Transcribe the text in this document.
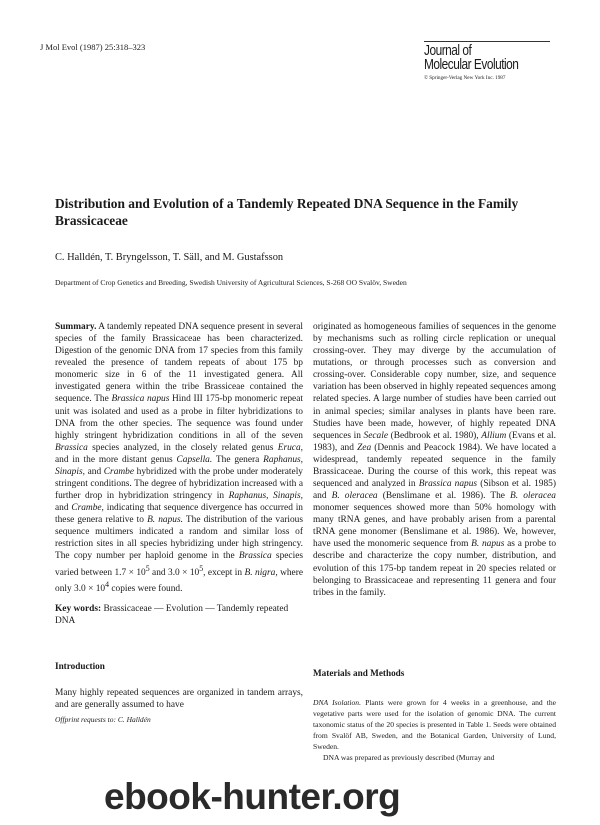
J Mol Evol (1987) 25:318–323	Journal of
Molecular Evolution
© Springer-Verlag New York Inc. 1987
Distribution and Evolution of a Tandemly Repeated DNA Sequence in the Family Brassicaceae
C. Halldén, T. Bryngelsson, T. Säll, and M. Gustafsson
Department of Crop Genetics and Breeding, Swedish University of Agricultural Sciences, S-268 OO Svalöv, Sweden
Summary. A tandemly repeated DNA sequence present in several species of the family Brassicaceae has been characterized. Digestion of the genomic DNA from 17 species from this family revealed the presence of tandem repeats of about 175 bp monomeric size in 6 of the 11 investigated genera. All investigated genera within the tribe Brassiceae contained the sequence. The Brassica napus Hind III 175-bp monomeric repeat unit was isolated and used as a probe in filter hybridizations to DNA from the other species. The sequence was found under highly stringent hybridization conditions in all of the seven Brassica species analyzed, in the closely related genus Eruca, and in the more distant genus Capsella. The genera Raphanus, Sinapis, and Crambe hybridized with the probe under moderately stringent conditions. The degree of hybridization increased with a further drop in hybridization stringency in Raphanus, Sinapis, and Crambe, indicating that sequence divergence has occurred in these genera relative to B. napus. The distribution of the various sequence multimers indicated a random and similar loss of restriction sites in all species hybridizing under high stringency. The copy number per haploid genome in the Brassica species varied between $1.7 \times 10^5$ and $3.0 \times 10^5$, except in B. nigra, where only $3.0 \times 10^4$ copies were found.
Key words: Brassicaceae — Evolution — Tandemly repeated DNA
Introduction
Many highly repeated sequences are organized in tandem arrays, and are generally assumed to have
Offprint requests to: C. Halldén
originated as homogeneous families of sequences in the genome by mechanisms such as rolling circle replication or unequal crossing-over. They may diverge by the accumulation of mutations, or through processes such as conversion and crossing-over. Considerable copy number, size, and sequence variation has been observed in highly repeated sequences among related species. A large number of studies have been carried out in animal species; similar analyses in plants have been rare. Studies have been made, however, of highly repeated DNA sequences in Secale (Bedbrook et al. 1980), Allium (Evans et al. 1983), and Zea (Dennis and Peacock 1984). We have located a widespread, tandemly repeated sequence in the family Brassicaceae. During the course of this work, this repeat was sequenced and analyzed in Brassica napus (Sibson et al. 1985) and B. oleracea (Benslimane et al. 1986). The B. oleracea monomer sequences showed more than 50% homology with many tRNA genes, and have probably arisen from a parental tRNA gene monomer (Benslimane et al. 1986). We, however, have used the monomeric sequence from B. napus as a probe to describe and characterize the copy number, distribution, and evolution of this 175-bp tandem repeat in 20 species related or belonging to Brassicaceae and representing 11 genera and four tribes in the family.
Materials and Methods
DNA Isolation. Plants were grown for 4 weeks in a greenhouse, and the vegetative parts were used for the isolation of genomic DNA. The current taxonomic status of the 20 species is presented in Table 1. Seeds were obtained from Svalöf AB, Sweden, and the Botanical Garden, University of Lund, Sweden.
DNA was prepared as previously described (Murray and
ebook-hunter.org
